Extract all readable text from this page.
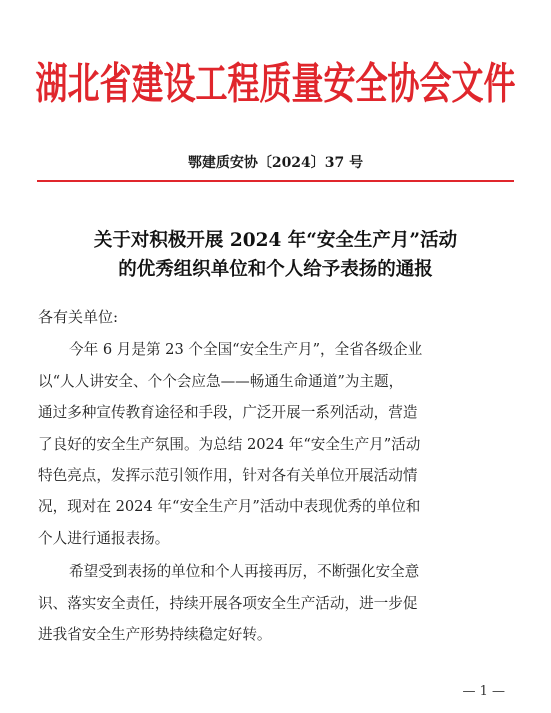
湖北省建设工程质量安全协会文件
鄂建质安协〔2024〕37 号
关于对积极开展 2024 年“安全生产月”活动
的优秀组织单位和个人给予表扬的通报
各有关单位:
今年 6 月是第 23 个全国“安全生产月”，全省各级企业
以“人人讲安全、个个会应急——畅通生命通道”为主题，
通过多种宣传教育途径和手段，广泛开展一系列活动，营造
了良好的安全生产氛围。为总结 2024 年“安全生产月”活动
特色亮点，发挥示范引领作用，针对各有关单位开展活动情
况，现对在 2024 年“安全生产月”活动中表现优秀的单位和
个人进行通报表扬。
希望受到表扬的单位和个人再接再厉，不断强化安全意
识、落实安全责任，持续开展各项安全生产活动，进一步促
进我省安全生产形势持续稳定好转。
— 1 —
